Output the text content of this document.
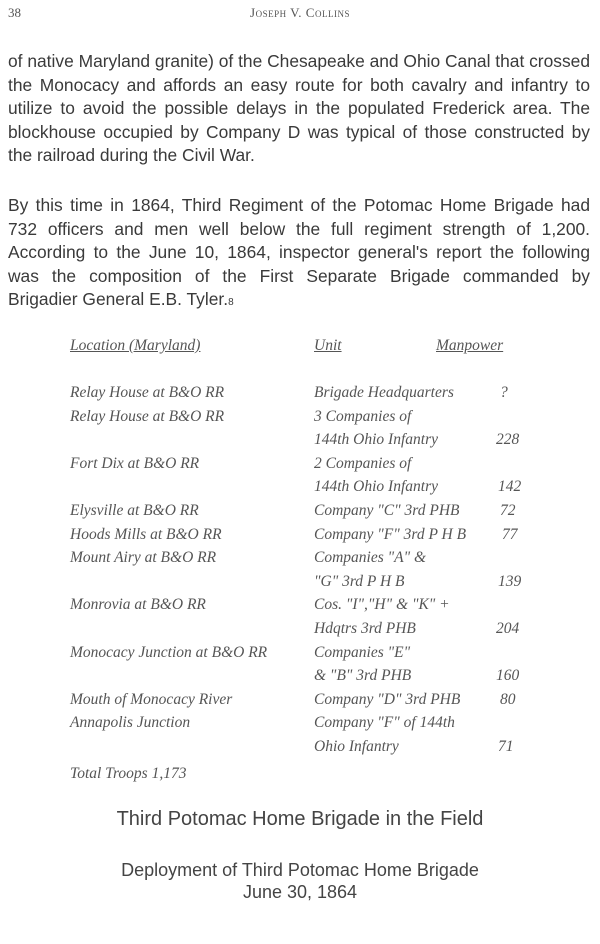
38	Joseph V. Collins

of native Maryland granite) of the Chesapeake and Ohio Canal that crossed the Monocacy and affords an easy route for both cavalry and infantry to utilize to avoid the possible delays in the populated Frederick area. The blockhouse occupied by Company D was typical of those constructed by the railroad during the Civil War.

By this time in 1864, Third Regiment of the Potomac Home Brigade had 732 officers and men well below the full regiment strength of 1,200. According to the June 10, 1864, inspector general's report the following was the composition of the First Separate Brigade commanded by Brigadier General E.B. Tyler.8

Location (Maryland)	Unit	Manpower
Relay House at B&O RR	Brigade Headquarters	?
Relay House at B&O RR	3 Companies of
144th Ohio Infantry	228
Fort Dix at B&O RR	2 Companies of
144th Ohio Infantry	142
Elysville at B&O RR	Company "C" 3rd PHB	72
Hoods Mills at B&O RR	Company "F" 3rd P H B 77
Mount Airy at B&O RR	Companies "A" &
"G" 3rd P H B	139
Monrovia at B&O RR	Cos. "I","H" & "K" +
Hdqtrs 3rd PHB	204
Monocacy Junction at B&O RR	Companies "E"
& "B" 3rd PHB	160
Mouth of Monocacy River	Company "D" 3rd PHB	80
Annapolis Junction	Company "F" of 144th
Ohio Infantry	71
Total Troops 1,173
Third Potomac Home Brigade in the Field
Deployment of Third Potomac Home Brigade
June 30, 1864
